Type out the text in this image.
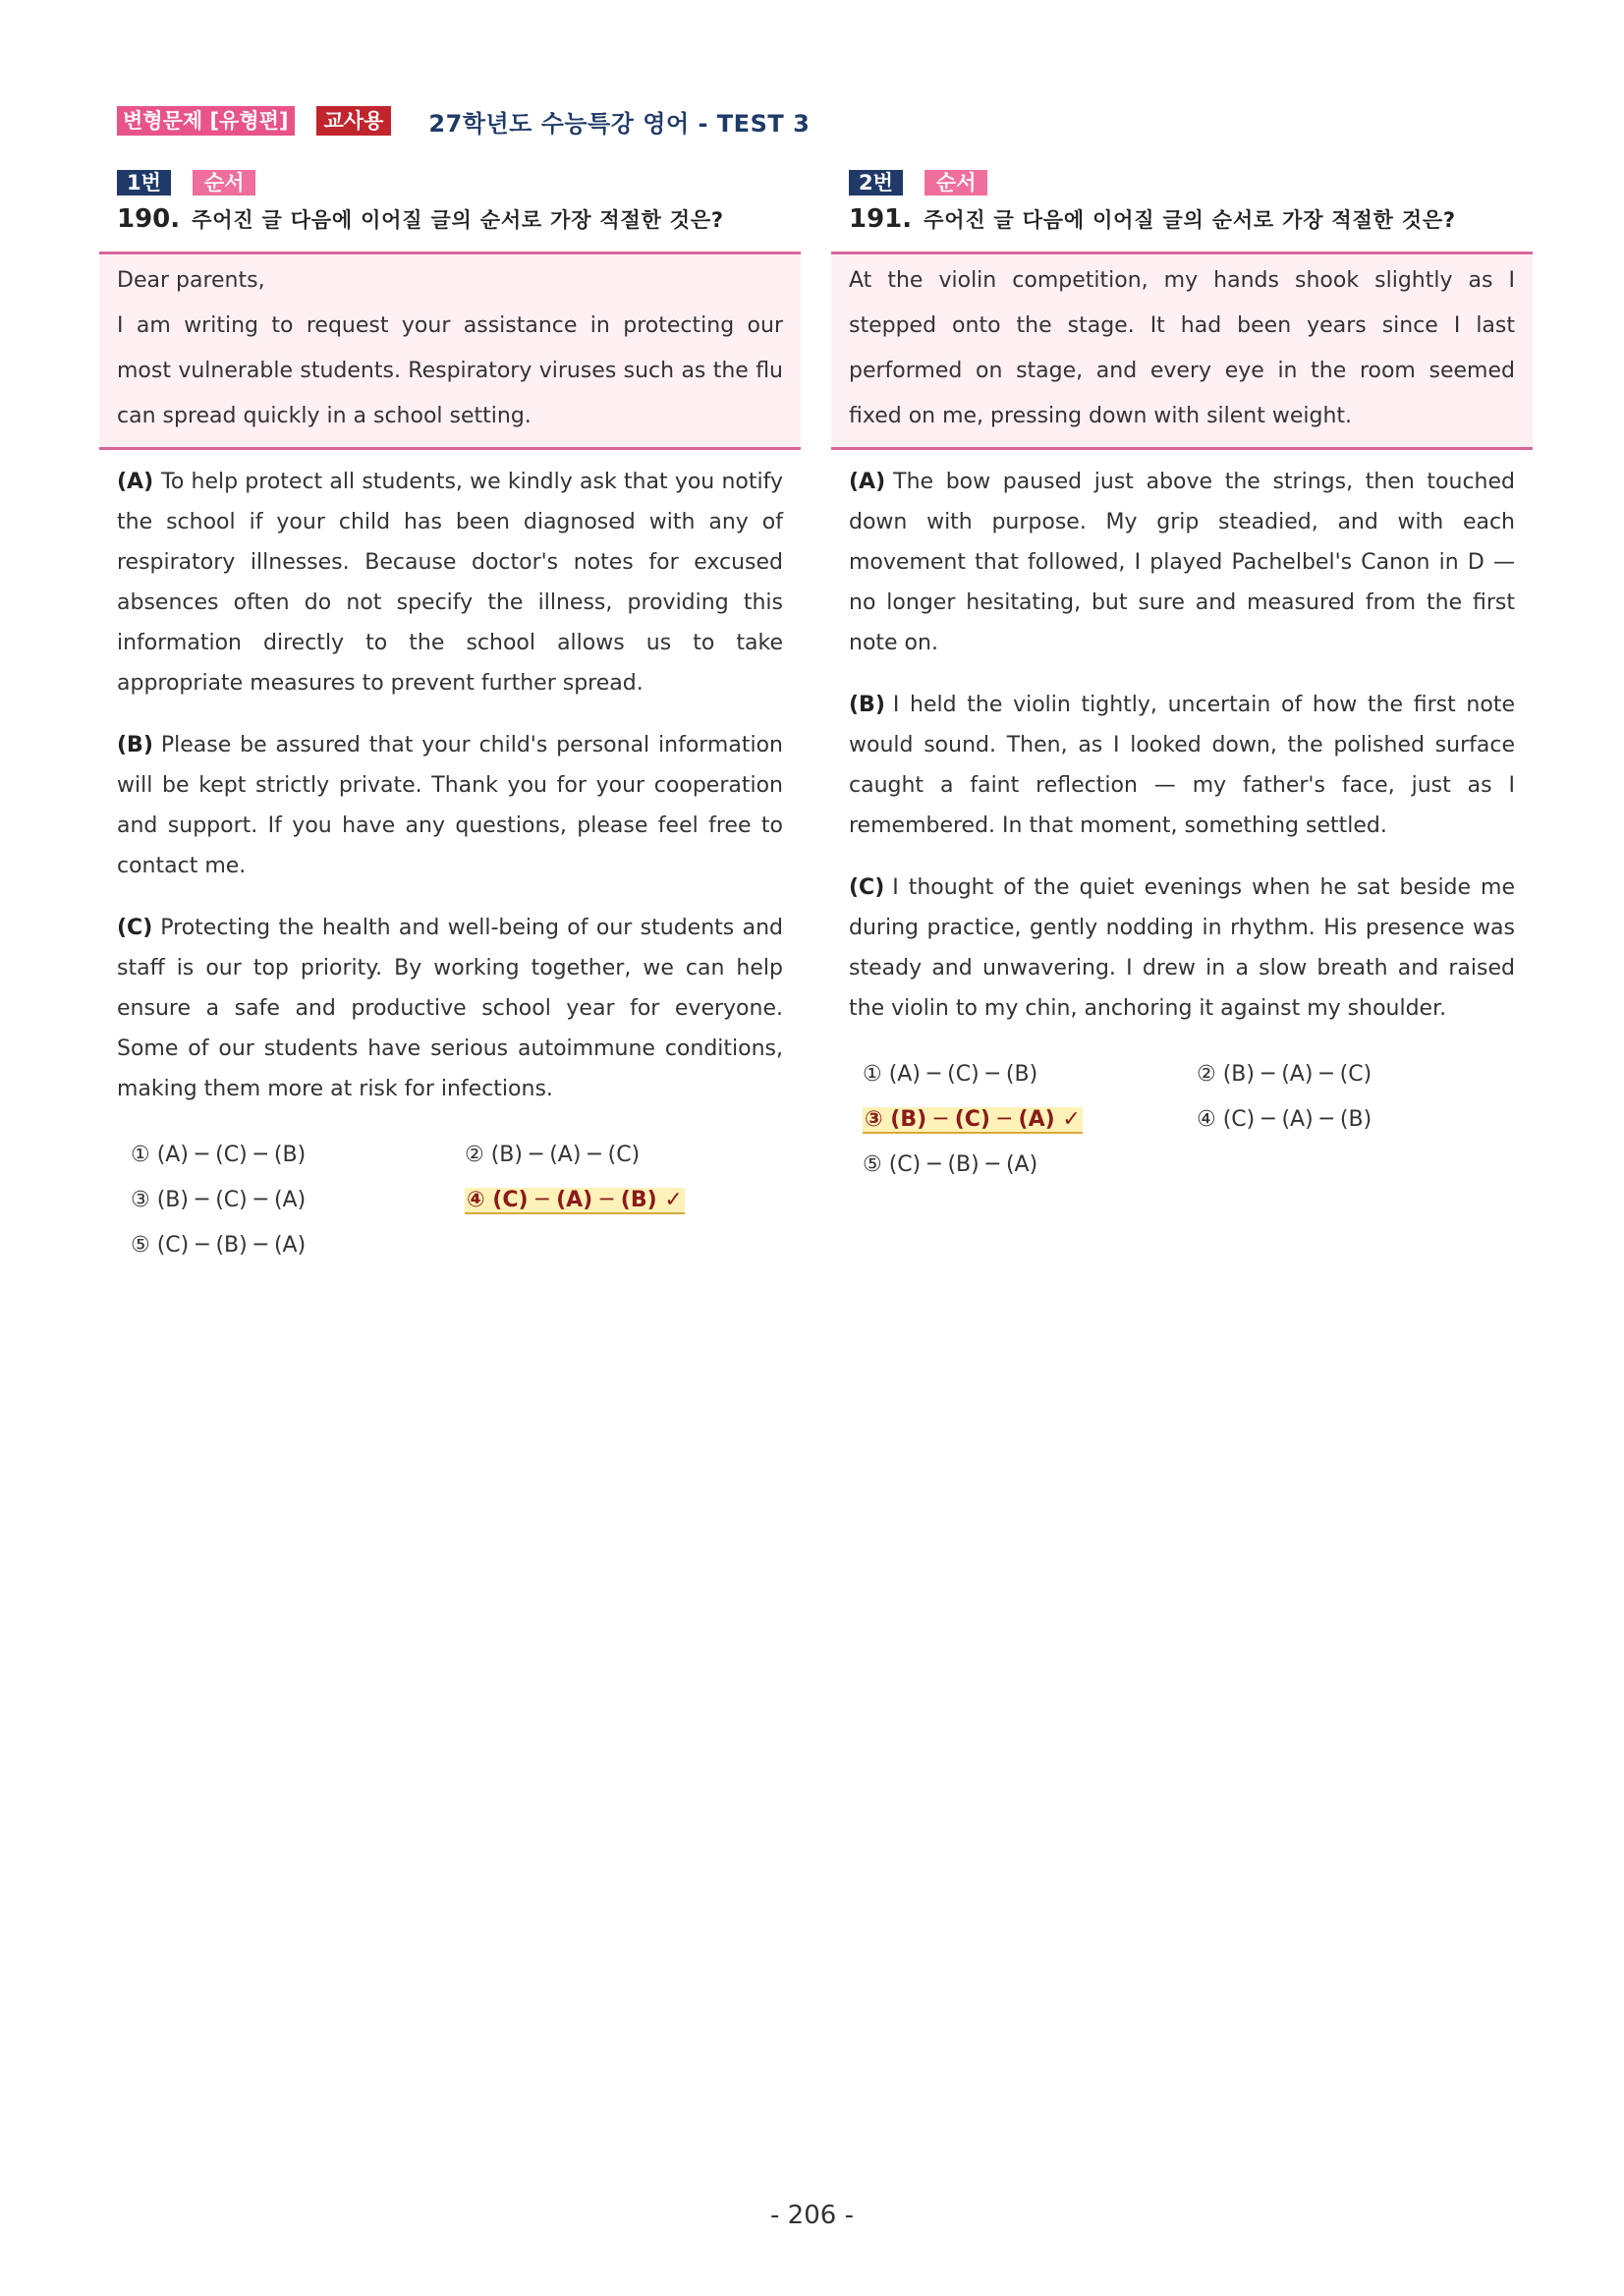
변형문제 [유형편]	교사용	27학년도 수능특강 영어 - TEST 3
1번	순서
190. 주어진 글 다음에 이어질 글의 순서로 가장 적절한 것은?

Dear parents,

I am writing to request your assistance in protecting our most vulnerable students. Respiratory viruses such as the flu can spread quickly in a school setting.

(A) To help protect all students, we kindly ask that you notify the school if your child has been diagnosed with any of respiratory illnesses. Because doctor's notes for excused absences often do not specify the illness, providing this information directly to the school allows us to take appropriate measures to prevent further spread.

(B) Please be assured that your child's personal information will be kept strictly private. Thank you for your cooperation and support. If you have any questions, please feel free to contact me.

(C) Protecting the health and well-being of our students and staff is our top priority. By working together, we can help ensure a safe and productive school year for everyone. Some of our students have serious autoimmune conditions, making them more at risk for infections.

① (A) ─ (C) ─ (B)	② (B) ─ (A) ─ (C)
③ (B) ─ (C) ─ (A)	④ (C) ─ (A) ─ (B) ✓
⑤ (C) ─ (B) ─ (A)
2번	순서
191. 주어진 글 다음에 이어질 글의 순서로 가장 적절한 것은?

At the violin competition, my hands shook slightly as I stepped onto the stage. It had been years since I last performed on stage, and every eye in the room seemed fixed on me, pressing down with silent weight.

(A) The bow paused just above the strings, then touched down with purpose. My grip steadied, and with each movement that followed, I played Pachelbel's Canon in D — no longer hesitating, but sure and measured from the first note on.

(B) I held the violin tightly, uncertain of how the first note would sound. Then, as I looked down, the polished surface caught a faint reflection — my father's face, just as I remembered. In that moment, something settled.

(C) I thought of the quiet evenings when he sat beside me during practice, gently nodding in rhythm. His presence was steady and unwavering. I drew in a slow breath and raised the violin to my chin, anchoring it against my shoulder.

① (A) ─ (C) ─ (B)	② (B) ─ (A) ─ (C)
③ (B) ─ (C) ─ (A) ✓	④ (C) ─ (A) ─ (B)
⑤ (C) ─ (B) ─ (A)
- 206 -
